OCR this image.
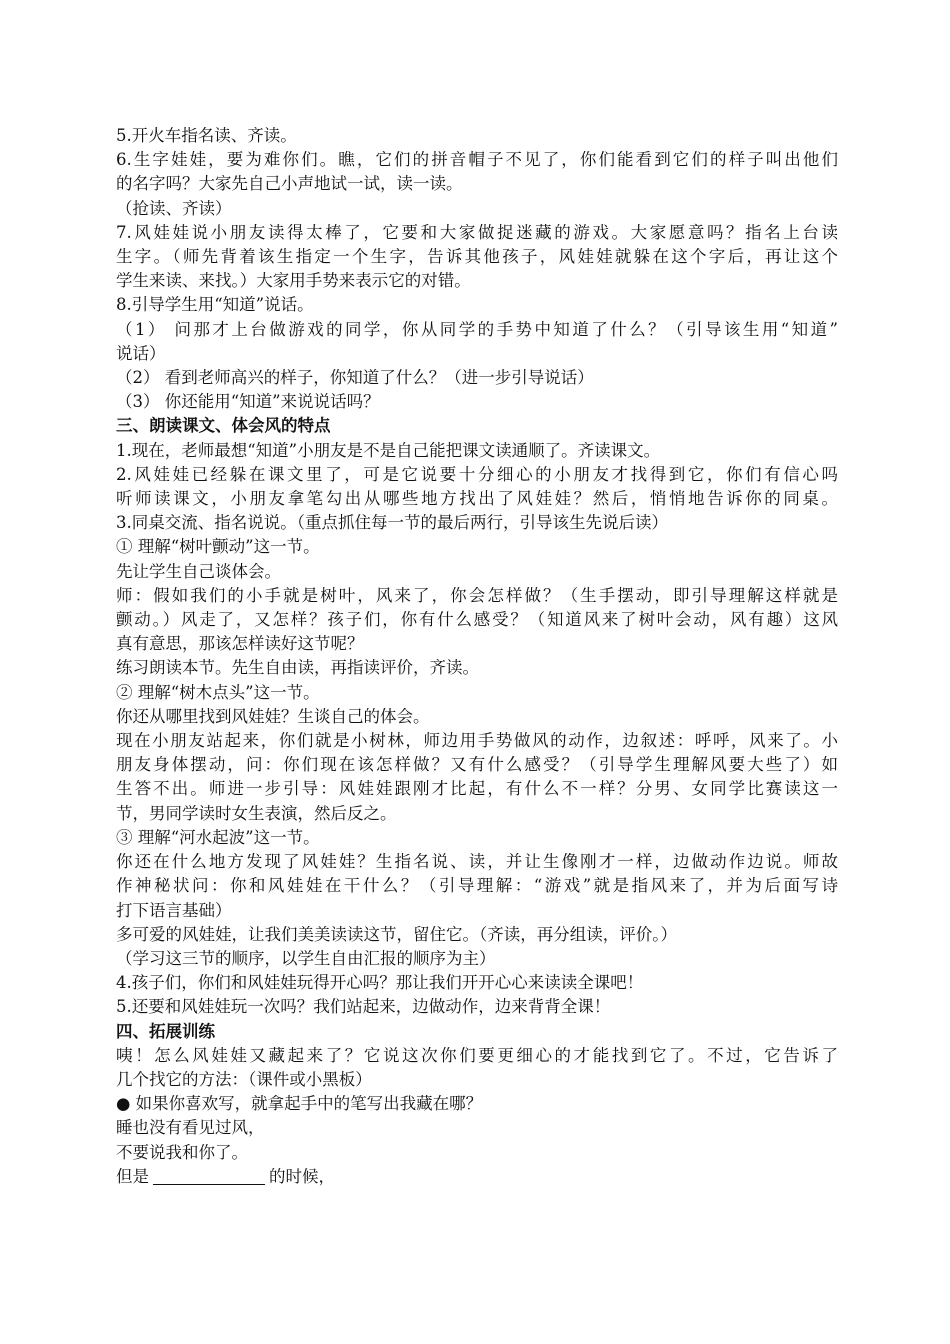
5.开火车指名读、齐读。
6.生字娃娃，要为难你们。瞧，它们的拼音帽子不见了，你们能看到它们的样子叫出他们
的名字吗？大家先自己小声地试一试，读一读。
（抢读、齐读）
7.风娃娃说小朋友读得太棒了，它要和大家做捉迷藏的游戏。大家愿意吗？指名上台读
生字。（师先背着该生指定一个生字，告诉其他孩子，风娃娃就躲在这个字后，再让这个
学生来读、来找。）大家用手势来表示它的对错。
8.引导学生用“知道”说话。
（1） 问那才上台做游戏的同学，你从同学的手势中知道了什么？（引导该生用“知道”
说话）
（2） 看到老师高兴的样子，你知道了什么？（进一步引导说话）
（3） 你还能用“知道”来说说话吗？
三、朗读课文、体会风的特点
1.现在，老师最想“知道”小朋友是不是自己能把课文读通顺了。齐读课文。
2.风娃娃已经躲在课文里了，可是它说要十分细心的小朋友才找得到它，你们有信心吗
听师读课文，小朋友拿笔勾出从哪些地方找出了风娃娃？然后，悄悄地告诉你的同桌。
3.同桌交流、指名说说。（重点抓住每一节的最后两行，引导该生先说后读）
① 理解“树叶颤动”这一节。
先让学生自己谈体会。
师：假如我们的小手就是树叶，风来了，你会怎样做？（生手摆动，即引导理解这样就是
颤动。）风走了，又怎样？孩子们，你有什么感受？（知道风来了树叶会动，风有趣）这风
真有意思，那该怎样读好这节呢？
练习朗读本节。先生自由读，再指读评价，齐读。
② 理解“树木点头”这一节。
你还从哪里找到风娃娃？生谈自己的体会。
现在小朋友站起来，你们就是小树林，师边用手势做风的动作，边叙述：呼呼，风来了。小
朋友身体摆动，问：你们现在该怎样做？又有什么感受？（引导学生理解风要大些了）如
生答不出。师进一步引导：风娃娃跟刚才比起，有什么不一样？分男、女同学比赛读这一
节，男同学读时女生表演，然后反之。
③ 理解“河水起波”这一节。
你还在什么地方发现了风娃娃？生指名说、读，并让生像刚才一样，边做动作边说。师故
作神秘状问：你和风娃娃在干什么？（引导理解：“游戏”就是指风来了，并为后面写诗
打下语言基础）
多可爱的风娃娃，让我们美美读读这节，留住它。（齐读，再分组读，评价。）
（学习这三节的顺序，以学生自由汇报的顺序为主）
4.孩子们，你们和风娃娃玩得开心吗？那让我们开开心心来读读全课吧！
5.还要和风娃娃玩一次吗？我们站起来，边做动作，边来背背全课！
四、拓展训练
咦！怎么风娃娃又藏起来了？它说这次你们要更细心的才能找到它了。不过，它告诉了
几个找它的方法：（课件或小黑板）
● 如果你喜欢写，就拿起手中的笔写出我藏在哪？
睡也没有看见过风，
不要说我和你了。
但是	的时候，
